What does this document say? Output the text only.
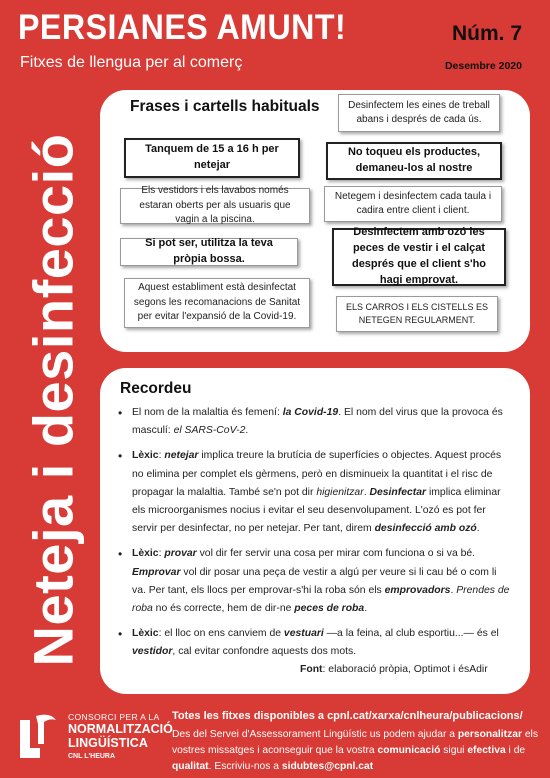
PERSIANES AMUNT!
Fitxes de llengua per al comerç
Núm. 7
Desembre 2020
Neteja i desinfecció
Frases i cartells habituals
Tanquem de 15 a 16 h per netejar
Els vestidors i els lavabos només estaran oberts per als usuaris que vagin a la piscina.
Si pot ser, utilitza la teva pròpia bossa.
Aquest establiment està desinfectat segons les recomanacions de Sanitat per evitar l'expansió de la Covid-19.
Desinfectem les eines de treball abans i després de cada ús.
No toqueu els productes, demaneu-los al nostre
Netegem i desinfectem cada taula i cadira entre client i client.
Desinfectem amb ozó les peces de vestir i el calçat després que el client s'ho hagi emprovat.
ELS CARROS I ELS CISTELLS ES NETEGEN REGULARMENT.
Recordeu
• El nom de la malaltia és femení: la Covid-19. El nom del virus que la provoca és masculí: el SARS-CoV-2.
• Lèxic: netejar implica treure la brutícia de superfícies o objectes. Aquest procés no elimina per complet els gèrmens, però en disminueix la quantitat i el risc de propagar la malaltia. També se'n pot dir higienitzar. Desinfectar implica eliminar els microorganismes nocius i evitar el seu desenvolupament. L'ozó es pot fer servir per desinfectar, no per netejar. Per tant, direm desinfecció amb ozó.
• Lèxic: provar vol dir fer servir una cosa per mirar com funciona o si va bé. Emprovar vol dir posar una peça de vestir a algú per veure si li cau bé o com li va. Per tant, els llocs per emprovar-s'hi la roba són els emprovadors. Prendes de roba no és correcte, hem de dir-ne peces de roba.
• Lèxic: el lloc on ens canviem de vestuari —a la feina, al club esportiu...— és el vestidor, cal evitar confondre aquests dos mots.
Font: elaboració pròpia, Optimot i ésAdir
CONSORCI PER A LA
NORMALITZACIÓ
LINGÜÍSTICA
CNL L'HEURA
Totes les fitxes disponibles a cpnl.cat/xarxa/cnlheura/publicacions/
Des del Servei d'Assessorament Lingüístic us podem ajudar a personalitzar els vostres missatges i aconseguir que la vostra comunicació sigui efectiva i de qualitat. Escriviu-nos a sidubtes@cpnl.cat
